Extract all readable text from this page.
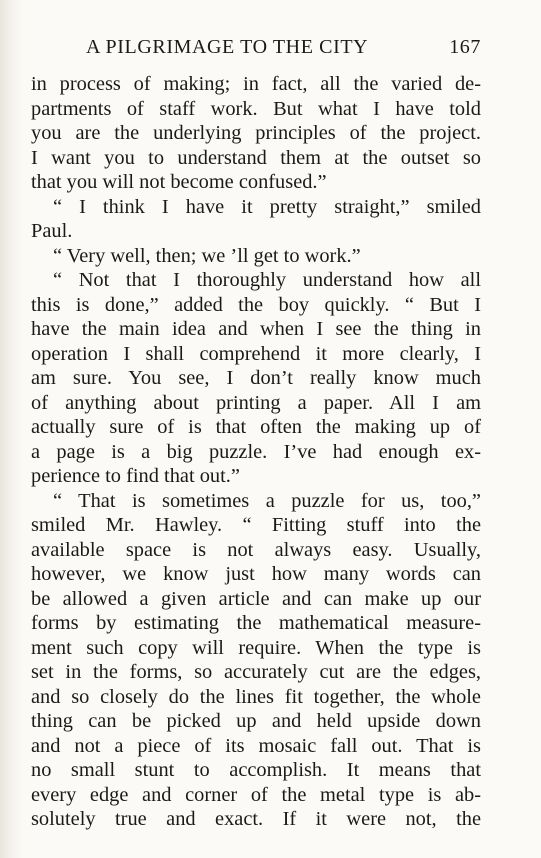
A PILGRIMAGE TO THE CITY	167

in process of making; in fact, all the varied de-

partments of staff work. But what I have told

you are the underlying principles of the project.

I want you to understand them at the outset so

that you will not become confused.”

“ I think I have it pretty straight,” smiled

Paul.

“ Very well, then; we ’ll get to work.”

“ Not that I thoroughly understand how all

this is done,” added the boy quickly. “ But I

have the main idea and when I see the thing in

operation I shall comprehend it more clearly, I

am sure. You see, I don’t really know much

of anything about printing a paper. All I am

actually sure of is that often the making up of

a page is a big puzzle. I’ve had enough ex-

perience to find that out.”

“ That is sometimes a puzzle for us, too,”

smiled Mr. Hawley. “ Fitting stuff into the

available space is not always easy. Usually,

however, we know just how many words can

be allowed a given article and can make up our

forms by estimating the mathematical measure-

ment such copy will require. When the type is

set in the forms, so accurately cut are the edges,

and so closely do the lines fit together, the whole

thing can be picked up and held upside down

and not a piece of its mosaic fall out. That is

no small stunt to accomplish. It means that

every edge and corner of the metal type is ab-

solutely true and exact. If it were not, the
